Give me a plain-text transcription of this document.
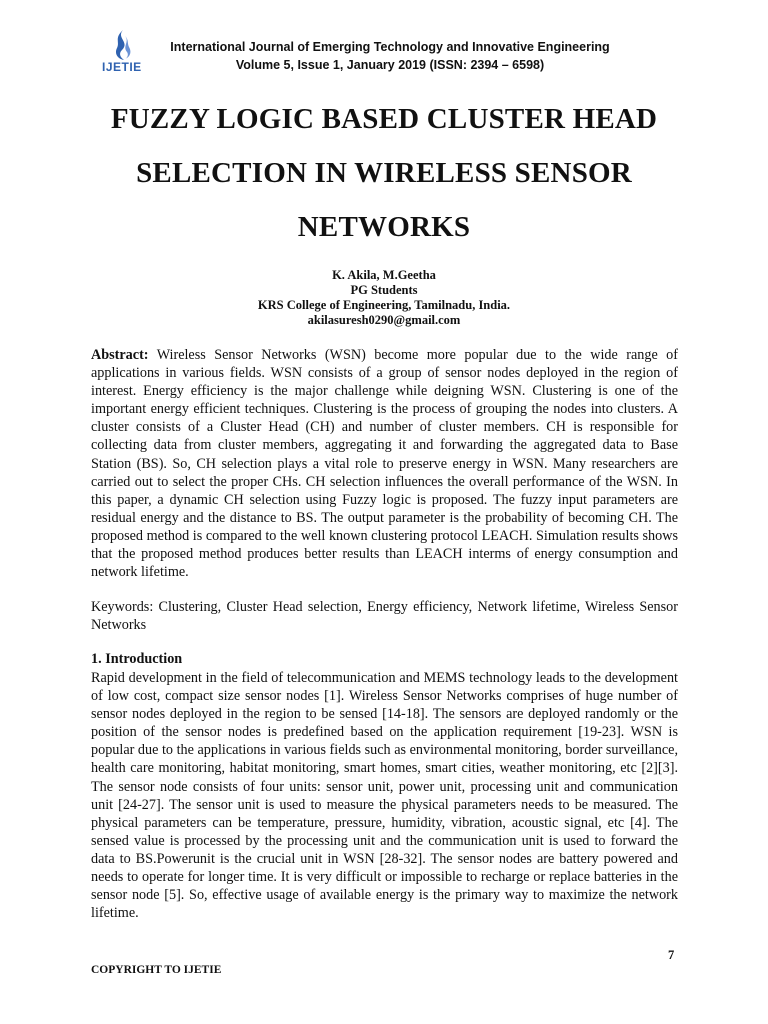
IJETIE
International Journal of Emerging Technology and Innovative Engineering
Volume 5, Issue 1, January 2019 (ISSN: 2394 – 6598)
FUZZY LOGIC BASED CLUSTER HEAD
SELECTION IN WIRELESS SENSOR
NETWORKS
K. Akila, M.Geetha
PG Students
KRS College of Engineering, Tamilnadu, India.
akilasuresh0290@gmail.com
Abstract: Wireless Sensor Networks (WSN) become more popular due to the wide range of applications in various fields. WSN consists of a group of sensor nodes deployed in the region of interest. Energy efficiency is the major challenge while deigning WSN. Clustering is one of the important energy efficient techniques. Clustering is the process of grouping the nodes into clusters. A cluster consists of a Cluster Head (CH) and number of cluster members. CH is responsible for collecting data from cluster members, aggregating it and forwarding the aggregated data to Base Station (BS). So, CH selection plays a vital role to preserve energy in WSN. Many researchers are carried out to select the proper CHs. CH selection influences the overall performance of the WSN. In this paper, a dynamic CH selection using Fuzzy logic is proposed. The fuzzy input parameters are residual energy and the distance to BS. The output parameter is the probability of becoming CH. The proposed method is compared to the well known clustering protocol LEACH. Simulation results shows that the proposed method produces better results than LEACH interms of energy consumption and network lifetime.
Keywords: Clustering, Cluster Head selection, Energy efficiency, Network lifetime, Wireless Sensor Networks
1. Introduction
Rapid development in the field of telecommunication and MEMS technology leads to the development of low cost, compact size sensor nodes [1]. Wireless Sensor Networks comprises of huge number of sensor nodes deployed in the region to be sensed [14-18]. The sensors are deployed randomly or the position of the sensor nodes is predefined based on the application requirement [19-23]. WSN is popular due to the applications in various fields such as environmental monitoring, border surveillance, health care monitoring, habitat monitoring, smart homes, smart cities, weather monitoring, etc [2][3]. The sensor node consists of four units: sensor unit, power unit, processing unit and communication unit [24-27]. The sensor unit is used to measure the physical parameters needs to be measured. The physical parameters can be temperature, pressure, humidity, vibration, acoustic signal, etc [4]. The sensed value is processed by the processing unit and the communication unit is used to forward the data to BS.Powerunit is the crucial unit in WSN [28-32]. The sensor nodes are battery powered and needs to operate for longer time. It is very difficult or impossible to recharge or replace batteries in the sensor node [5]. So, effective usage of available energy is the primary way to maximize the network lifetime.
7
COPYRIGHT TO IJETIE
